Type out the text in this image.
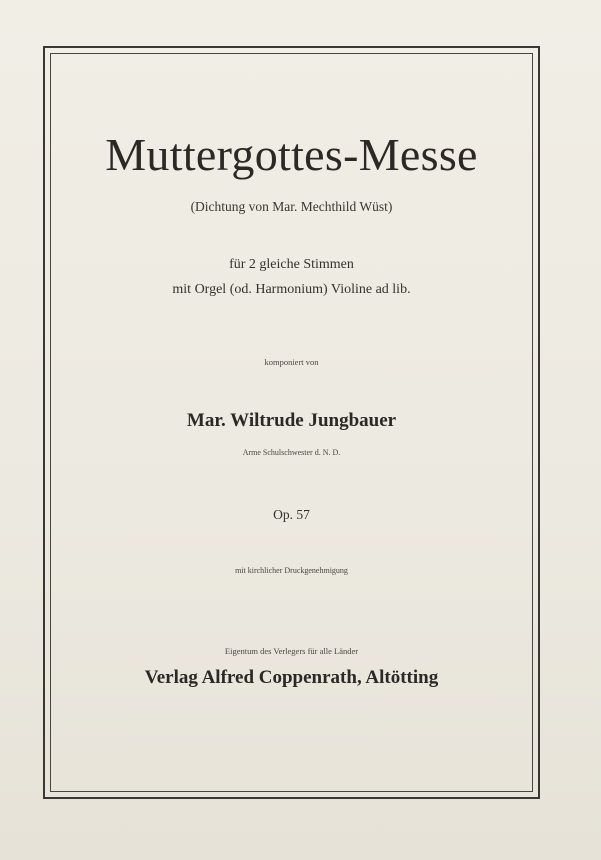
Muttergottes-Messe
(Dichtung von Mar. Mechthild Wüst)
für 2 gleiche Stimmen
mit Orgel (od. Harmonium) Violine ad lib.
komponiert von
Mar. Wiltrude Jungbauer
Arme Schulschwester d. N. D.
Op. 57
mit kirchlicher Druckgenehmigung
Eigentum des Verlegers für alle Länder
Verlag Alfred Coppenrath, Altötting
